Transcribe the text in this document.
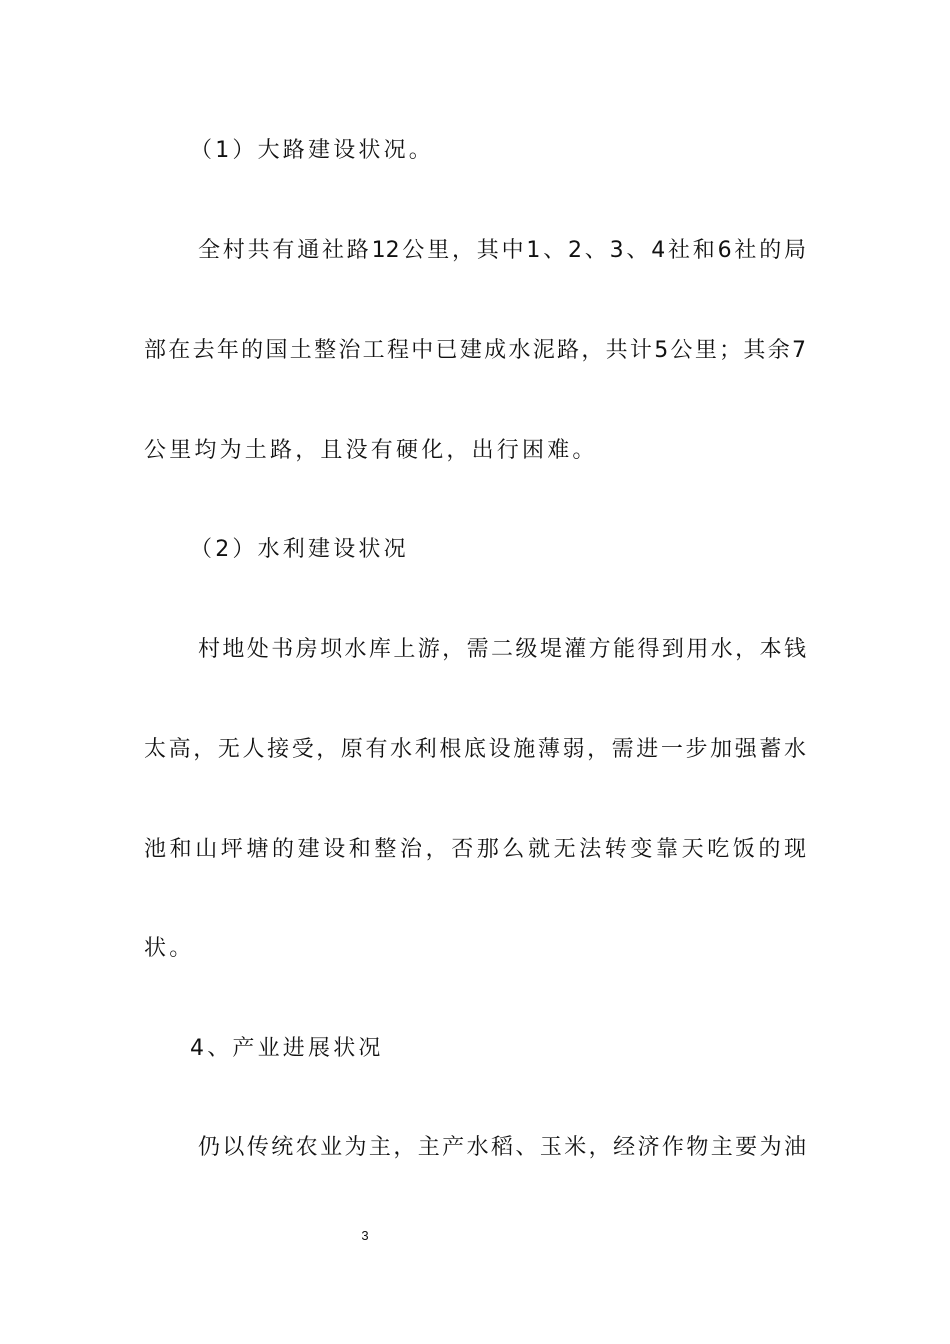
（1）大路建设状况。
全村共有通社路12公里，其中1、2、3、4社和6社的局
部在去年的国土整治工程中已建成水泥路，共计5公里；其余7
公里均为土路，且没有硬化，出行困难。
（2）水利建设状况
村地处书房坝水库上游，需二级堤灌方能得到用水，本钱
太高，无人接受，原有水利根底设施薄弱，需进一步加强蓄水
池和山坪塘的建设和整治，否那么就无法转变靠天吃饭的现
状。
4、产业进展状况
仍以传统农业为主，主产水稻、玉米，经济作物主要为油
3
